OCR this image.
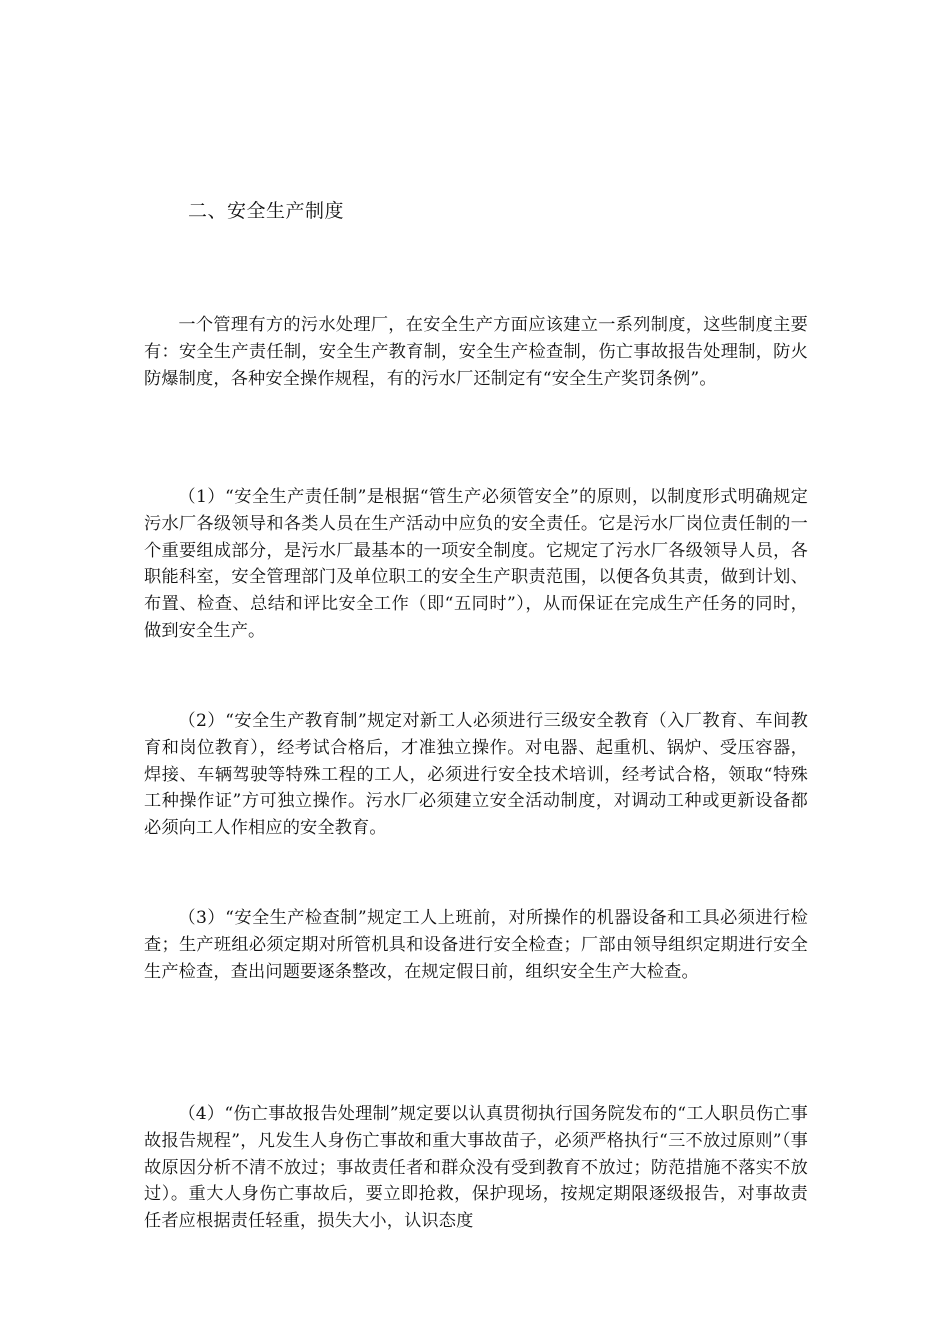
二、安全生产制度

一个管理有方的污水处理厂，在安全生产方面应该建立一系列制度，这些制度主要有：安全生产责任制，安全生产教育制，安全生产检查制，伤亡事故报告处理制，防火防爆制度，各种安全操作规程，有的污水厂还制定有“安全生产奖罚条例”。

（1）“安全生产责任制”是根据“管生产必须管安全”的原则，以制度形式明确规定污水厂各级领导和各类人员在生产活动中应负的安全责任。它是污水厂岗位责任制的一个重要组成部分，是污水厂最基本的一项安全制度。它规定了污水厂各级领导人员，各职能科室，安全管理部门及单位职工的安全生产职责范围，以便各负其责，做到计划、布置、检查、总结和评比安全工作（即“五同时”），从而保证在完成生产任务的同时，做到安全生产。

（2）“安全生产教育制”规定对新工人必须进行三级安全教育（入厂教育、车间教育和岗位教育），经考试合格后，才准独立操作。对电器、起重机、锅炉、受压容器，焊接、车辆驾驶等特殊工程的工人，必须进行安全技术培训，经考试合格，领取“特殊工种操作证”方可独立操作。污水厂必须建立安全活动制度，对调动工种或更新设备都必须向工人作相应的安全教育。

（3）“安全生产检查制”规定工人上班前，对所操作的机器设备和工具必须进行检查；生产班组必须定期对所管机具和设备进行安全检查；厂部由领导组织定期进行安全生产检查，查出问题要逐条整改，在规定假日前，组织安全生产大检查。

（4）“伤亡事故报告处理制”规定要以认真贯彻执行国务院发布的“工人职员伤亡事故报告规程”，凡发生人身伤亡事故和重大事故苗子，必须严格执行“三不放过原则”（事故原因分析不清不放过；事故责任者和群众没有受到教育不放过；防范措施不落实不放过）。重大人身伤亡事故后，要立即抢救，保护现场，按规定期限逐级报告，对事故责任者应根据责任轻重，损失大小，认识态度
